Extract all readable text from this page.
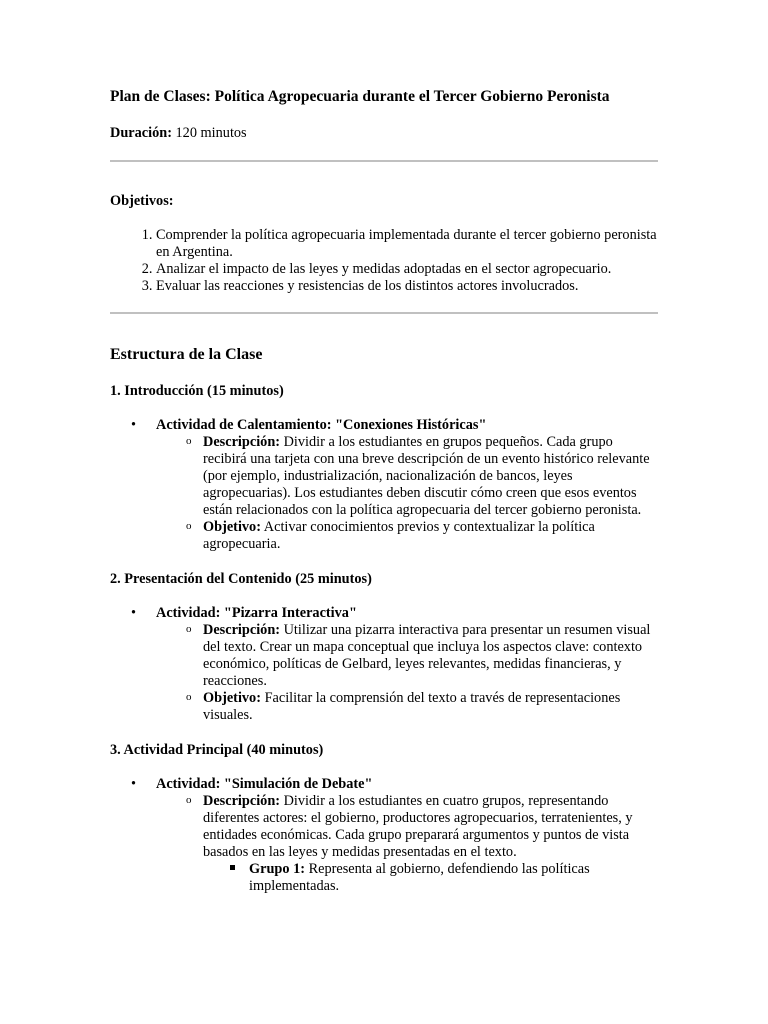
Plan de Clases: Política Agropecuaria durante el Tercer Gobierno Peronista
Duración: 120 minutos
Objetivos:
1. Comprender la política agropecuaria implementada durante el tercer gobierno peronista en Argentina.
2. Analizar el impacto de las leyes y medidas adoptadas en el sector agropecuario.
3. Evaluar las reacciones y resistencias de los distintos actores involucrados.
Estructura de la Clase
1. Introducción (15 minutos)
• Actividad de Calentamiento: "Conexiones Históricas"
o Descripción: Dividir a los estudiantes en grupos pequeños. Cada grupo recibirá una tarjeta con una breve descripción de un evento histórico relevante (por ejemplo, industrialización, nacionalización de bancos, leyes agropecuarias). Los estudiantes deben discutir cómo creen que esos eventos están relacionados con la política agropecuaria del tercer gobierno peronista.
o Objetivo: Activar conocimientos previos y contextualizar la política agropecuaria.
2. Presentación del Contenido (25 minutos)
• Actividad: "Pizarra Interactiva"
o Descripción: Utilizar una pizarra interactiva para presentar un resumen visual del texto. Crear un mapa conceptual que incluya los aspectos clave: contexto económico, políticas de Gelbard, leyes relevantes, medidas financieras, y reacciones.
o Objetivo: Facilitar la comprensión del texto a través de representaciones visuales.
3. Actividad Principal (40 minutos)
• Actividad: "Simulación de Debate"
o Descripción: Dividir a los estudiantes en cuatro grupos, representando diferentes actores: el gobierno, productores agropecuarios, terratenientes, y entidades económicas. Cada grupo preparará argumentos y puntos de vista basados en las leyes y medidas presentadas en el texto.
Grupo 1: Representa al gobierno, defendiendo las políticas implementadas.
